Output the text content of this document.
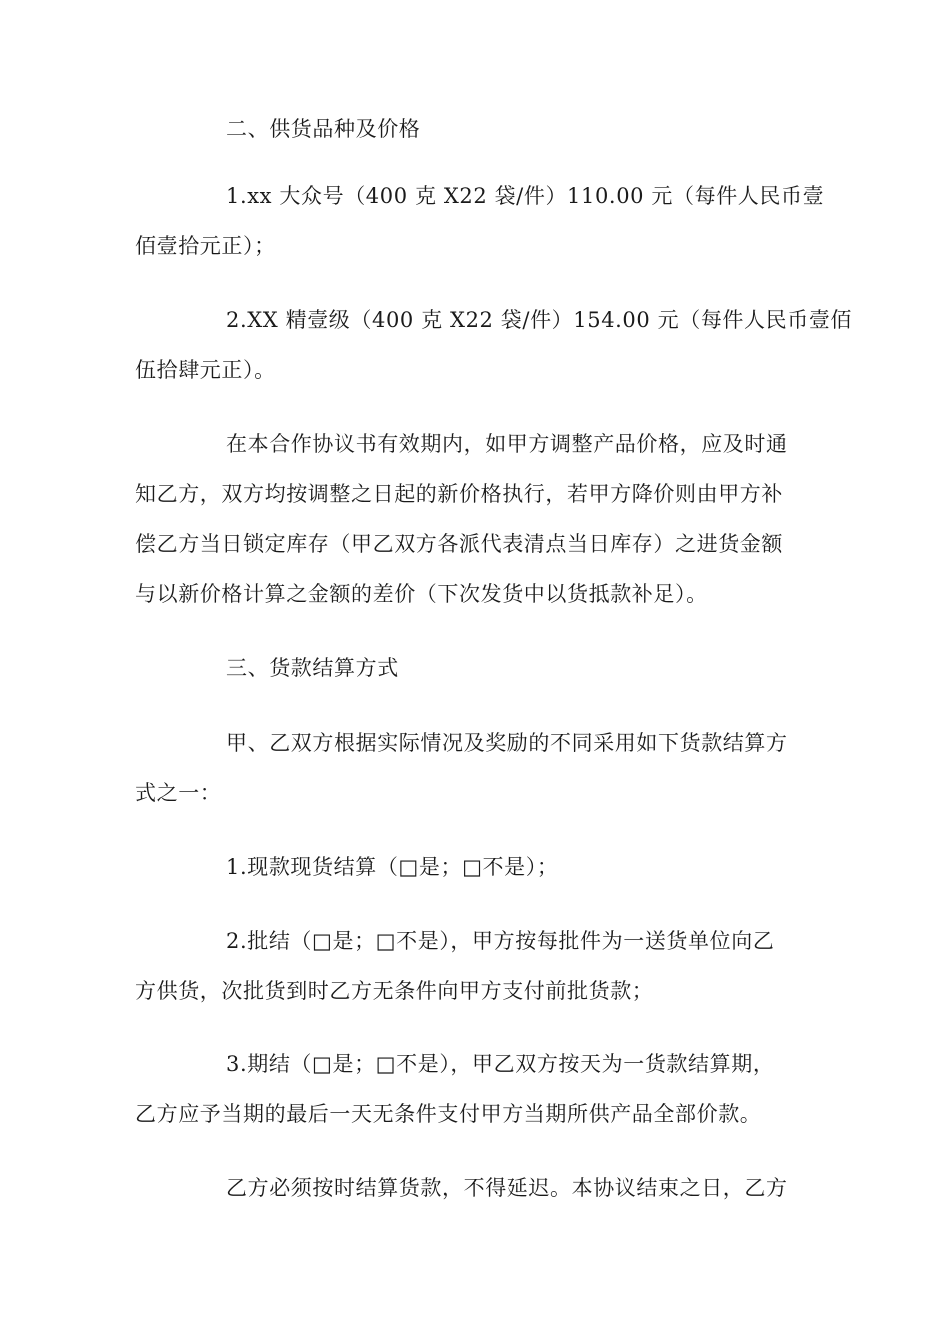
二、供货品种及价格

1.xx 大众号（400 克 X22 袋/件）110.00 元（每件人民币壹

佰壹拾元正）；

2.XX 精壹级（400 克 X22 袋/件）154.00 元（每件人民币壹佰

伍拾肆元正）。

在本合作协议书有效期内，如甲方调整产品价格，应及时通

知乙方，双方均按调整之日起的新价格执行，若甲方降价则由甲方补

偿乙方当日锁定库存（甲乙双方各派代表清点当日库存）之进货金额

与以新价格计算之金额的差价（下次发货中以货抵款补足）。

三、货款结算方式

甲、乙双方根据实际情况及奖励的不同采用如下货款结算方

式之一：

1.现款现货结算（□是；□不是）；

2.批结（□是；□不是），甲方按每批件为一送货单位向乙

方供货，次批货到时乙方无条件向甲方支付前批货款；

3.期结（□是；□不是），甲乙双方按天为一货款结算期，

乙方应予当期的最后一天无条件支付甲方当期所供产品全部价款。

乙方必须按时结算货款，不得延迟。本协议结束之日，乙方
